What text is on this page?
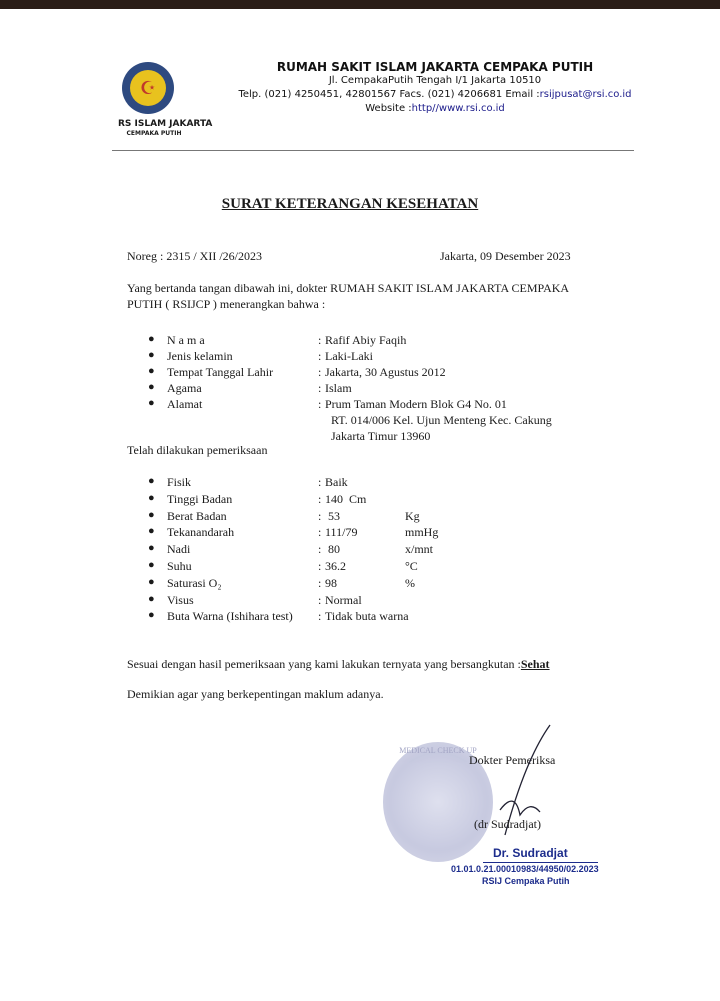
☪
RS ISLAM JAKARTA
CEMPAKA PUTIH
RUMAH SAKIT ISLAM JAKARTA CEMPAKA PUTIH
Jl. CempakaPutih Tengah I/1 Jakarta 10510
Telp. (021) 4250451, 42801567 Facs. (021) 4206681 Email :rsijpusat@rsi.co.id
Website :http//www.rsi.co.id
SURAT KETERANGAN KESEHATAN
Noreg : 2315 / XII /26/2023	Jakarta, 09 Desember 2023
Yang bertanda tangan dibawah ini, dokter RUMAH SAKIT ISLAM JAKARTA CEMPAKA
PUTIH ( RSIJCP ) menerangkan bahwa :
● N a m a	: Rafif Abiy Faqih
● Jenis kelamin	: Laki-Laki
● Tempat Tanggal Lahir	: Jakarta, 30 Agustus 2012
● Agama	: Islam
● Alamat	: Prum Taman Modern Blok G4 No. 01
RT. 014/006 Kel. Ujun Menteng Kec. Cakung
Jakarta Timur 13960
Telah dilakukan pemeriksaan
● Fisik	: Baik
● Tinggi Badan	: 140  Cm
● Berat Badan	: 53	Kg
● Tekanandarah	: 111/79	mmHg
● Nadi	: 80	x/mnt
● Suhu	: 36.2	°C
● Saturasi O₂	: 98	%
● Visus	: Normal
● Buta Warna (Ishihara test) : Tidak buta warna
Sesuai dengan hasil pemeriksaan yang kami lakukan ternyata yang bersangkutan :Sehat
Demikian agar yang berkepentingan maklum adanya.
MEDICAL CHECK UP
Dokter Pemeriksa
(dr Sudradjat)
Dr. Sudradjat
01.01.0.21.00010983/44950/02.2023
RSIJ Cempaka Putih
